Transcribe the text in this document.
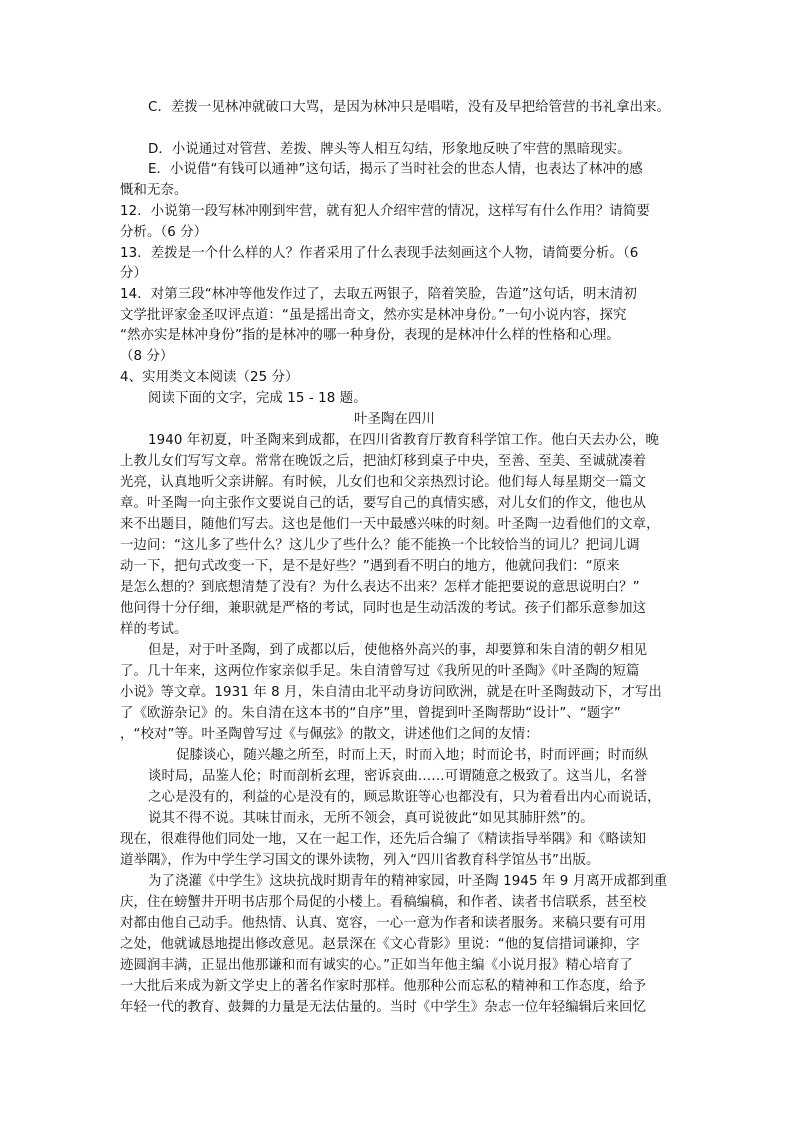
C．差拨一见林冲就破口大骂，是因为林冲只是唱喏，没有及早把给管营的书礼拿出来。
D．小说通过对管营、差拨、牌头等人相互勾结，形象地反映了牢营的黑暗现实。
E．小说借“有钱可以通神”这句话，揭示了当时社会的世态人情，也表达了林冲的感
慨和无奈。
12．小说第一段写林冲刚到牢营，就有犯人介绍牢营的情况，这样写有什么作用？请简要
分析。（6 分）
13．差拨是一个什么样的人？作者采用了什么表现手法刻画这个人物，请简要分析。（6
分）
14．对第三段“林冲等他发作过了，去取五两银子，陪着笑脸，告道”这句话，明末清初
文学批评家金圣叹评点道：“虽是摇出奇文，然亦实是林冲身份。”一句小说内容，探究
“然亦实是林冲身份”指的是林冲的哪一种身份，表现的是林冲什么样的性格和心理。
（8 分）
4、实用类文本阅读（25 分）
阅读下面的文字，完成 15 - 18 题。
叶圣陶在四川
1940 年初夏，叶圣陶来到成都，在四川省教育厅教育科学馆工作。他白天去办公，晚
上教儿女们写写文章。常常在晚饭之后，把油灯移到桌子中央，至善、至美、至诚就凑着
光亮，认真地听父亲讲解。有时候，儿女们也和父亲热烈讨论。他们每人每星期交一篇文
章。叶圣陶一向主张作文要说自己的话，要写自己的真情实感，对儿女们的作文，他也从
来不出题目，随他们写去。这也是他们一天中最感兴味的时刻。叶圣陶一边看他们的文章，
一边问：“这儿多了些什么？这儿少了些什么？能不能换一个比较恰当的词儿？把词儿调
动一下，把句式改变一下，是不是好些？”遇到看不明白的地方，他就问我们：“原来
是怎么想的？到底想清楚了没有？为什么表达不出来？怎样才能把要说的意思说明白？”
他问得十分仔细，兼职就是严格的考试，同时也是生动活泼的考试。孩子们都乐意参加这
样的考试。
但是，对于叶圣陶，到了成都以后，使他格外高兴的事，却要算和朱自清的朝夕相见
了。几十年来，这两位作家亲似手足。朱自清曾写过《我所见的叶圣陶》《叶圣陶的短篇
小说》等文章。1931 年 8 月，朱自清由北平动身访问欧洲，就是在叶圣陶鼓动下，才写出
了《欧游杂记》的。朱自清在这本书的“自序”里，曾提到叶圣陶帮助“设计”、“题字”
，“校对”等。叶圣陶曾写过《与佩弦》的散文，讲述他们之间的友情：
促膝谈心，随兴趣之所至，时而上天，时而入地；时而论书，时而评画；时而纵
谈时局，品鉴人伦；时而剖析玄理，密诉哀曲……可谓随意之极致了。这当儿，名誉
之心是没有的，利益的心是没有的，顾忌欺诳等心也都没有，只为着看出内心而说话，
说其不得不说。其味甘而永，无所不领会，真可说彼此“如见其肺肝然”的。
现在，很难得他们同处一地，又在一起工作，还先后合编了《精读指导举隅》和《略读知
道举隅》，作为中学生学习国文的课外读物，列入“四川省教育科学馆丛书”出版。
为了浇灌《中学生》这块抗战时期青年的精神家园，叶圣陶 1945 年 9 月离开成都到重
庆，住在螃蟹井开明书店那个局促的小楼上。看稿编稿，和作者、读者书信联系，甚至校
对都由他自己动手。他热情、认真、宽容，一心一意为作者和读者服务。来稿只要有可用
之处，他就诚恳地提出修改意见。赵景深在《文心背影》里说：“他的复信措词谦抑，字
迹圆润丰满，正显出他那谦和而有诚实的心。”正如当年他主编《小说月报》精心培育了
一大批后来成为新文学史上的著名作家时那样。他那种公而忘私的精神和工作态度，给予
年轻一代的教育、鼓舞的力量是无法估量的。当时《中学生》杂志一位年轻编辑后来回忆
